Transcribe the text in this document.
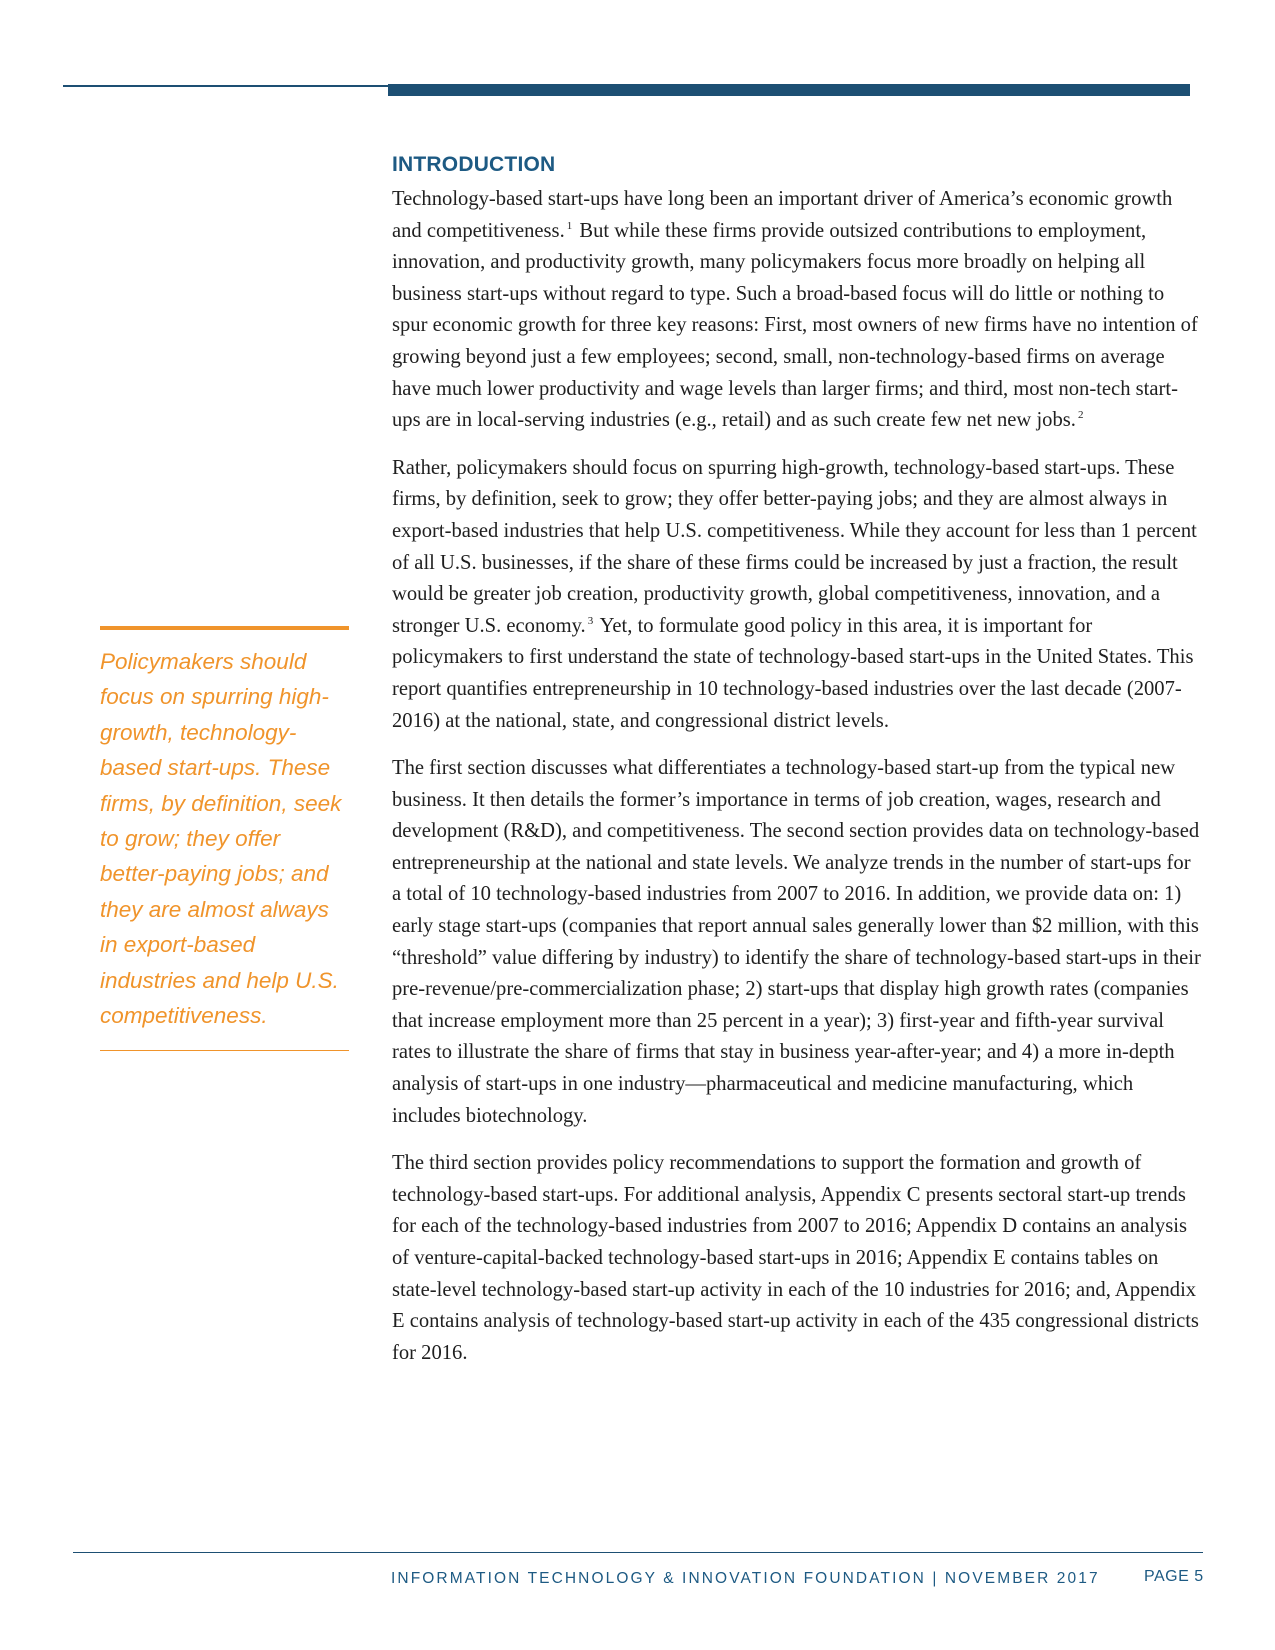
Policymakers should focus on spurring high-growth, technology-based start-ups. These firms, by definition, seek to grow; they offer better-paying jobs; and they are almost always in export-based industries and help U.S. competitiveness.

INTRODUCTION

Technology-based start-ups have long been an important driver of America’s economic growth and competitiveness. $^1$ But while these firms provide outsized contributions to employment, innovation, and productivity growth, many policymakers focus more broadly on helping all business start-ups without regard to type. Such a broad-based focus will do little or nothing to spur economic growth for three key reasons: First, most owners of new firms have no intention of growing beyond just a few employees; second, small, non-technology-based firms on average have much lower productivity and wage levels than larger firms; and third, most non-tech start-ups are in local-serving industries (e.g., retail) and as such create few net new jobs. $^2$

Rather, policymakers should focus on spurring high-growth, technology-based start-ups. These firms, by definition, seek to grow; they offer better-paying jobs; and they are almost always in export-based industries that help U.S. competitiveness. While they account for less than 1 percent of all U.S. businesses, if the share of these firms could be increased by just a fraction, the result would be greater job creation, productivity growth, global competitiveness, innovation, and a stronger U.S. economy. $^3$ Yet, to formulate good policy in this area, it is important for policymakers to first understand the state of technology-based start-ups in the United States. This report quantifies entrepreneurship in 10 technology-based industries over the last decade (2007-2016) at the national, state, and congressional district levels.

The first section discusses what differentiates a technology-based start-up from the typical new business. It then details the former’s importance in terms of job creation, wages, research and development (R&D), and competitiveness. The second section provides data on technology-based entrepreneurship at the national and state levels. We analyze trends in the number of start-ups for a total of 10 technology-based industries from 2007 to 2016. In addition, we provide data on: 1) early stage start-ups (companies that report annual sales generally lower than $2 million, with this “threshold” value differing by industry) to identify the share of technology-based start-ups in their pre-revenue/pre-commercialization phase; 2) start-ups that display high growth rates (companies that increase employment more than 25 percent in a year); 3) first-year and fifth-year survival rates to illustrate the share of firms that stay in business year-after-year; and 4) a more in-depth analysis of start-ups in one industry—pharmaceutical and medicine manufacturing, which includes biotechnology.

The third section provides policy recommendations to support the formation and growth of technology-based start-ups. For additional analysis, Appendix C presents sectoral start-up trends for each of the technology-based industries from 2007 to 2016; Appendix D contains an analysis of venture-capital-backed technology-based start-ups in 2016; Appendix E contains tables on state-level technology-based start-up activity in each of the 10 industries for 2016; and, Appendix E contains analysis of technology-based start-up activity in each of the 435 congressional districts for 2016.

INFORMATION TECHNOLOGY & INNOVATION FOUNDATION | NOVEMBER 2017	PAGE 5
